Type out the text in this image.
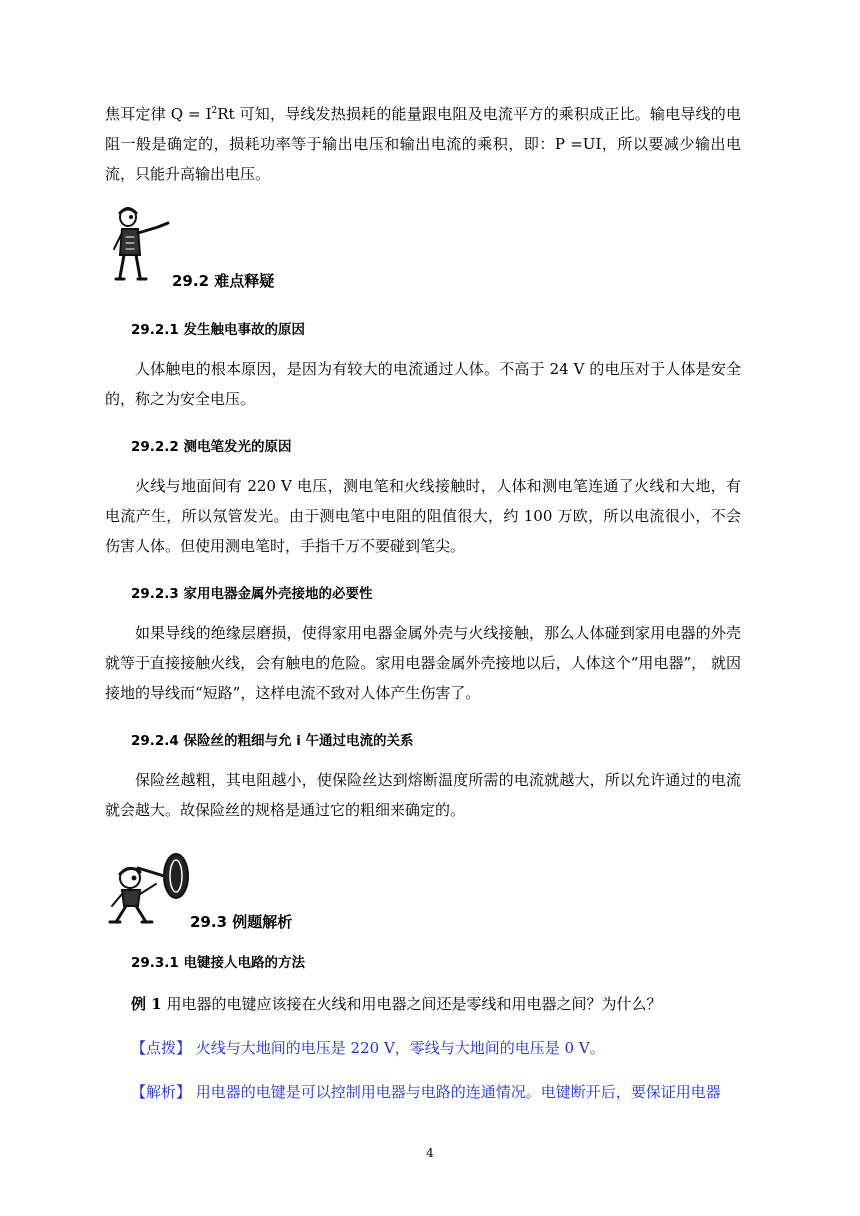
焦耳定律 $Q = I^2Rt$ 可知，导线发热损耗的能量跟电阻及电流平方的乘积成正比。输电导线的电阻一般是确定的，损耗功率等于输出电压和输出电流的乘积，即：P =UI，所以要减少输出电流，只能升高输出电压。

29.2 难点释疑
29.2.1 发生触电事故的原因

人体触电的根本原因，是因为有较大的电流通过人体。不高于 24 V 的电压对于人体是安全的，称之为安全电压。

29.2.2 测电笔发光的原因

火线与地面间有 220 V 电压，测电笔和火线接触时，人体和测电笔连通了火线和大地，有电流产生，所以氖管发光。由于测电笔中电阻的阻值很大，约 100 万欧，所以电流很小，不会伤害人体。但使用测电笔时，手指千万不要碰到笔尖。

29.2.3 家用电器金属外壳接地的必要性

如果导线的绝缘层磨损，使得家用电器金属外壳与火线接触，那么人体碰到家用电器的外壳就等于直接接触火线，会有触电的危险。家用电器金属外壳接地以后，人体这个“用电器”， 就因接地的导线而“短路”，这样电流不致对人体产生伤害了。

29.2.4 保险丝的粗细与允 i 午通过电流的关系

保险丝越粗，其电阻越小，使保险丝达到熔断温度所需的电流就越大，所以允许通过的电流就会越大。故保险丝的规格是通过它的粗细来确定的。

29.3 例题解析
29.3.1 电键接人电路的方法

例 1 用电器的电键应该接在火线和用电器之间还是零线和用电器之间？为什么？

【点拨】 火线与大地间的电压是 220 V，零线与大地间的电压是 0 V。

【解析】 用电器的电键是可以控制用电器与电路的连通情况。电键断开后，要保证用电器

4
